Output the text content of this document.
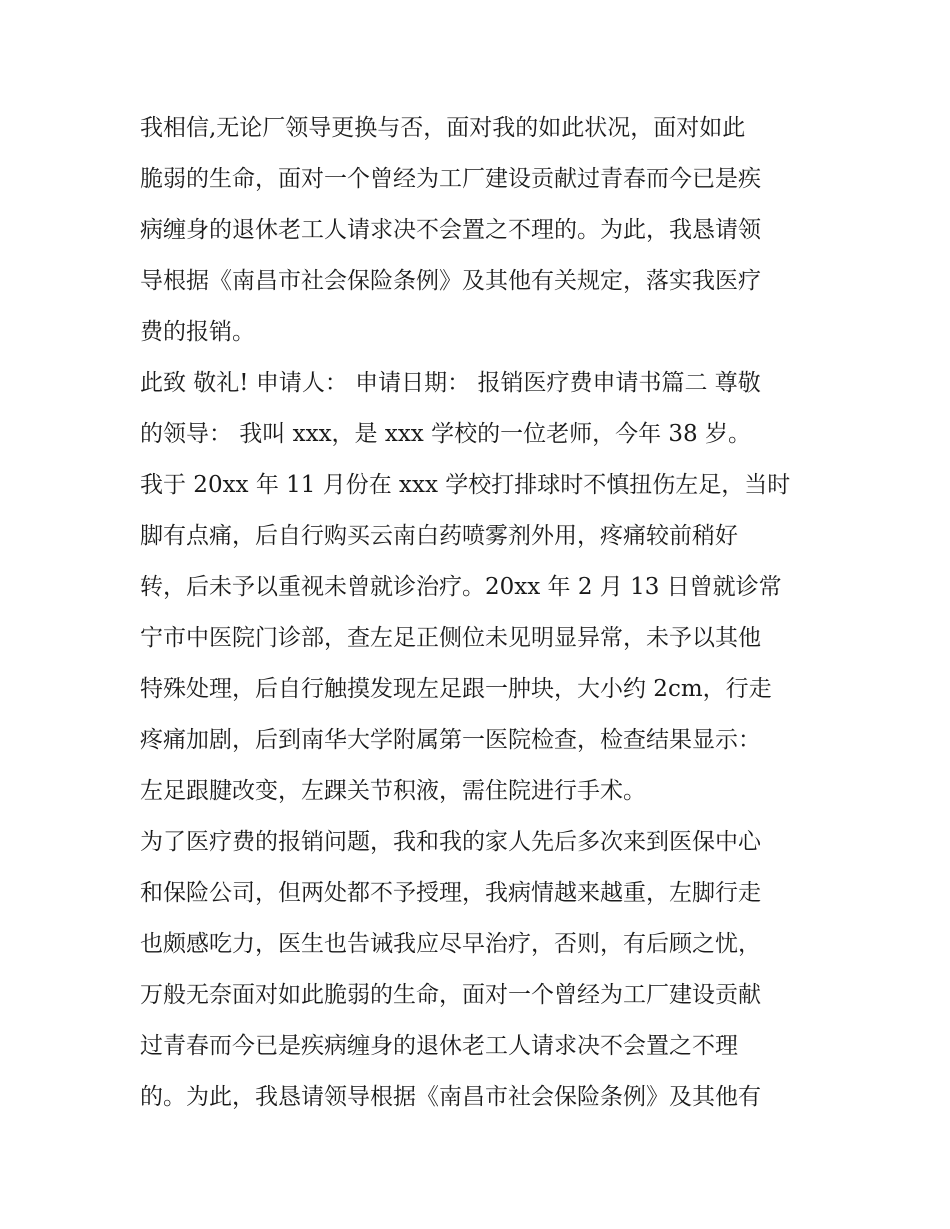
我相信,无论厂领导更换与否，面对我的如此状况，面对如此
脆弱的生命，面对一个曾经为工厂建设贡献过青春而今已是疾
病缠身的退休老工人请求决不会置之不理的。为此，我恳请领
导根据《南昌市社会保险条例》及其他有关规定，落实我医疗
费的报销。

此致 敬礼! 申请人： 申请日期： 报销医疗费申请书篇二 尊敬
的领导： 我叫 xxx，是 xxx 学校的一位老师，今年 38 岁。

我于 20xx 年 11 月份在 xxx 学校打排球时不慎扭伤左足，当时
脚有点痛，后自行购买云南白药喷雾剂外用，疼痛较前稍好
转，后未予以重视未曾就诊治疗。20xx 年 2 月 13 日曾就诊常
宁市中医院门诊部，查左足正侧位未见明显异常，未予以其他
特殊处理，后自行触摸发现左足跟一肿块，大小约 2cm，行走
疼痛加剧，后到南华大学附属第一医院检查，检查结果显示：
左足跟腱改变，左踝关节积液，需住院进行手术。

为了医疗费的报销问题，我和我的家人先后多次来到医保中心
和保险公司，但两处都不予授理，我病情越来越重，左脚行走
也颇感吃力，医生也告诫我应尽早治疗，否则，有后顾之忧，
万般无奈面对如此脆弱的生命，面对一个曾经为工厂建设贡献
过青春而今已是疾病缠身的退休老工人请求决不会置之不理
的。为此，我恳请领导根据《南昌市社会保险条例》及其他有
